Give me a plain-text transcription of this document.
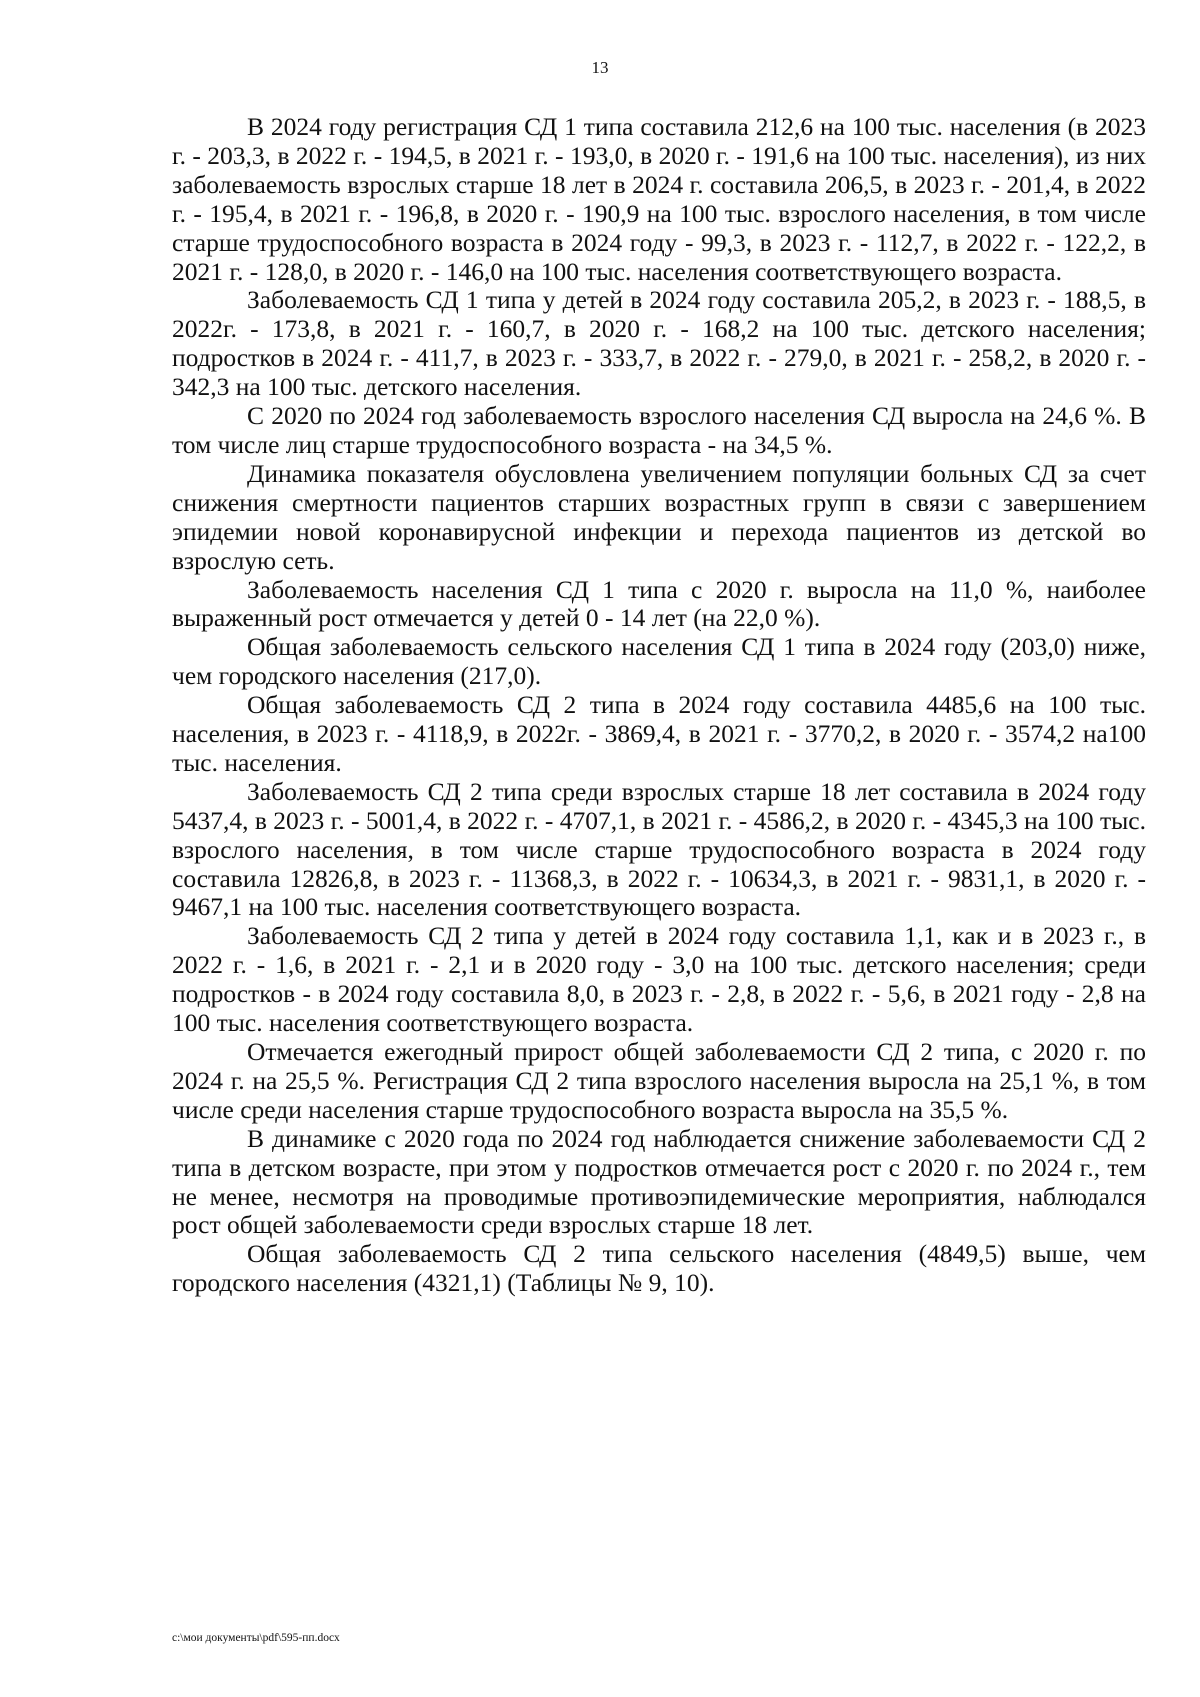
13

В 2024 году регистрация СД 1 типа составила 212,6 на 100 тыс. населения (в 2023 г. - 203,3, в 2022 г. - 194,5, в 2021 г. - 193,0, в 2020 г. - 191,6 на 100 тыс. населения), из них заболеваемость взрослых старше 18 лет в 2024 г. составила 206,5, в 2023 г. - 201,4, в 2022 г. - 195,4, в 2021 г. - 196,8, в 2020 г. - 190,9 на 100 тыс. взрослого населения, в том числе старше трудоспособного возраста в 2024 году - 99,3, в 2023 г. - 112,7, в 2022 г. - 122,2, в 2021 г. - 128,0, в 2020 г. - 146,0 на 100 тыс. населения соответствующего возраста.

Заболеваемость СД 1 типа у детей в 2024 году составила 205,2, в 2023 г. - 188,5, в 2022г. - 173,8, в 2021 г. - 160,7, в 2020 г. - 168,2 на 100 тыс. детского населения; подростков в 2024 г. - 411,7, в 2023 г. - 333,7, в 2022 г. - 279,0, в 2021 г. - 258,2, в 2020 г. - 342,3 на 100 тыс. детского населения.

С 2020 по 2024 год заболеваемость взрослого населения СД выросла на 24,6 %. В том числе лиц старше трудоспособного возраста - на 34,5 %.

Динамика показателя обусловлена увеличением популяции больных СД за счет снижения смертности пациентов старших возрастных групп в связи с завершением эпидемии новой коронавирусной инфекции и перехода пациентов из детской во взрослую сеть.

Заболеваемость населения СД 1 типа с 2020 г. выросла на 11,0 %, наиболее выраженный рост отмечается у детей 0 - 14 лет (на 22,0 %).

Общая заболеваемость сельского населения СД 1 типа в 2024 году (203,0) ниже, чем городского населения (217,0).

Общая заболеваемость СД 2 типа в 2024 году составила 4485,6 на 100 тыс. населения, в 2023 г. - 4118,9, в 2022г. - 3869,4, в 2021 г. - 3770,2, в 2020 г. - 3574,2 на100 тыс. населения.

Заболеваемость СД 2 типа среди взрослых старше 18 лет составила в 2024 году 5437,4, в 2023 г. - 5001,4, в 2022 г. - 4707,1, в 2021 г. - 4586,2, в 2020 г. - 4345,3 на 100 тыс. взрослого населения, в том числе старше трудоспособного возраста в 2024 году составила 12826,8, в 2023 г. - 11368,3, в 2022 г. - 10634,3, в 2021 г. - 9831,1, в 2020 г. - 9467,1 на 100 тыс. населения соответствующего возраста.

Заболеваемость СД 2 типа у детей в 2024 году составила 1,1, как и в 2023 г., в 2022 г. - 1,6, в 2021 г. - 2,1 и в 2020 году - 3,0 на 100 тыс. детского населения; среди подростков - в 2024 году составила 8,0, в 2023 г. - 2,8, в 2022 г. - 5,6, в 2021 году - 2,8 на 100 тыс. населения соответствующего возраста.

Отмечается ежегодный прирост общей заболеваемости СД 2 типа, с 2020 г. по 2024 г. на 25,5 %. Регистрация СД 2 типа взрослого населения выросла на 25,1 %, в том числе среди населения старше трудоспособного возраста выросла на 35,5 %.

В динамике с 2020 года по 2024 год наблюдается снижение заболеваемости СД 2 типа в детском возрасте, при этом у подростков отмечается рост с 2020 г. по 2024 г., тем не менее, несмотря на проводимые противоэпидемические мероприятия, наблюдался рост общей заболеваемости среди взрослых старше 18 лет.

Общая заболеваемость СД 2 типа сельского населения (4849,5) выше, чем городского населения (4321,1) (Таблицы № 9, 10).

c:\мои документы\pdf\595-пп.docx
